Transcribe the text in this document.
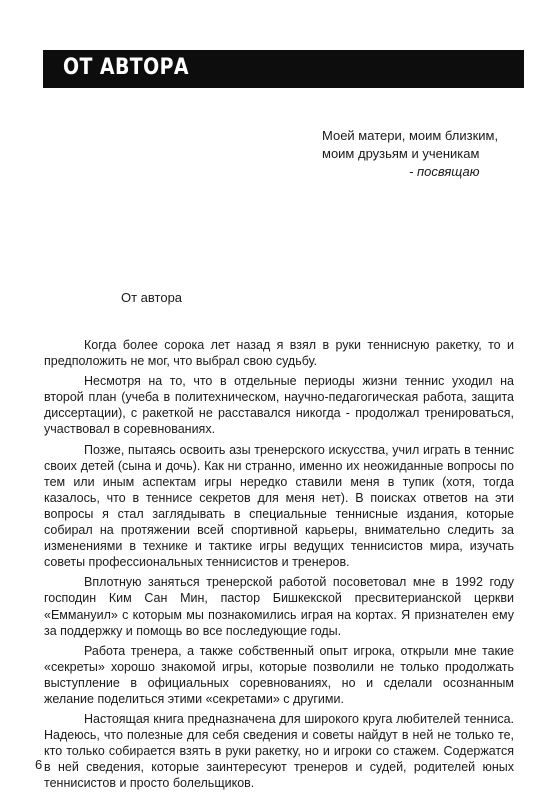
ОТ АВТОРА
Моей матери, моим близким,
моим друзьям и ученикам
- посвящаю
От автора

Когда более сорока лет назад я взял в руки теннисную ракетку, то и предположить не мог, что выбрал свою судьбу.

Несмотря на то, что в отдельные периоды жизни теннис уходил на второй план (учеба в политехническом, научно-педагогическая работа, защита диссертации), с ракеткой не расставался никогда - продолжал тренироваться, участвовал в соревнованиях.

Позже, пытаясь освоить азы тренерского искусства, учил играть в теннис своих детей (сына и дочь). Как ни странно, именно их неожиданные вопросы по тем или иным аспектам игры нередко ставили меня в тупик (хотя, тогда казалось, что в теннисе секретов для меня нет). В поисках ответов на эти вопросы я стал заглядывать в специальные теннисные издания, которые собирал на протяжении всей спортивной карьеры, внимательно следить за изменениями в технике и тактике игры ведущих теннисистов мира, изучать советы профессиональных теннисистов и тренеров.

Вплотную заняться тренерской работой посоветовал мне в 1992 году господин Ким Сан Мин, пастор Бишкекской пресвитерианской церкви «Еммануил» с которым мы познакомились играя на кортах. Я признателен ему за поддержку и помощь во все последующие годы.

Работа тренера, а также собственный опыт игрока, открыли мне такие «секреты» хорошо знакомой игры, которые позволили не только продолжать выступление в официальных соревнованиях, но и сделали осознанным желание поделиться этими «секретами» с другими.

Настоящая книга предназначена для широкого круга любителей тенниса. Надеюсь, что полезные для себя сведения и советы найдут в ней не только те, кто только собирается взять в руки ракетку, но и игроки со стажем. Содержатся в ней сведения, которые заинтересуют тренеров и судей, родителей юных теннисистов и просто болельщиков.

6
